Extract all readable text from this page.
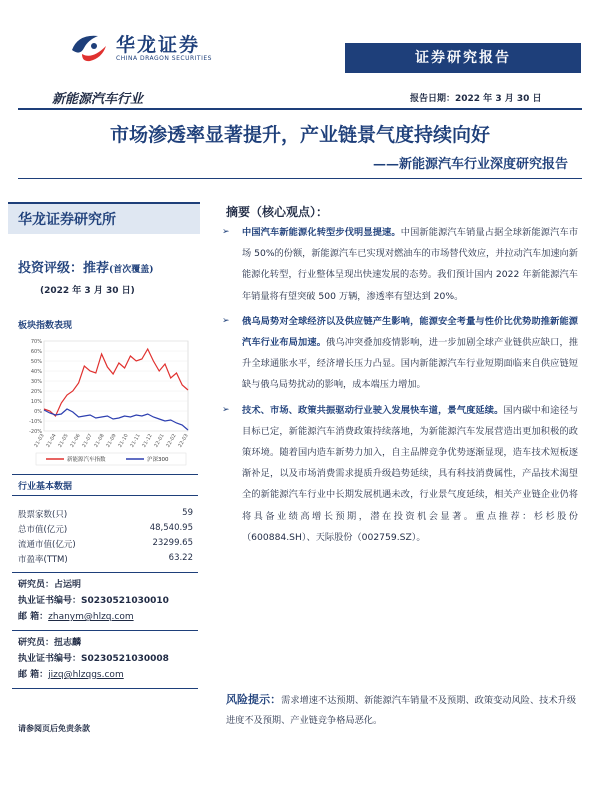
华龙证券
CHINA DRAGON SECURITIES	证券研究报告
新能源汽车行业	报告日期：2022 年 3 月 30 日
市场渗透率显著提升，产业链景气度持续向好
——新能源汽车行业深度研究报告
华龙证券研究所
投资评级：推荐(首次覆盖)
(2022 年 3 月 30 日)
板块指数表现
70%
60%
50%
40%
30%
20%
10%
0%
-10%
-20%
21-03 21-04 21-05 21-06 21-07 21-08 21-09 21-10 21-11 21-12 22-01 22-02 22-03
新能源汽车指数	沪深300
行业基本数据
股票家数(只)	59
总市值(亿元)	48,540.95
流通市值(亿元)	23299.65
市盈率(TTM)	63.22
研究员：占运明
执业证书编号：S0230521030010
邮 箱：zhanym@hlzq.com
研究员：扭志麟
执业证书编号：S0230521030008
邮 箱：jizq@hlzqgs.com
请参阅页后免责条款
摘要（核心观点）：
➢ 中国汽车新能源化转型步伐明显提速。中国新能源汽车销量占据全球新能源汽车市场 50%的份额，新能源汽车已实现对燃油车的市场替代效应，并拉动汽车加速向新能源化转型，行业整体呈现出快速发展的态势。我们预计国内 2022 年新能源汽车年销量将有望突破 500 万辆，渗透率有望达到 20%。
➢ 俄乌局势对全球经济以及供应链产生影响，能源安全考量与性价比优势助推新能源汽车行业布局加速。俄乌冲突叠加疫情影响，进一步加剧全球产业链供应缺口，推升全球通胀水平，经济增长压力凸显。国内新能源汽车行业短期面临来自供应链短缺与俄乌局势扰动的影响，成本端压力增加。
➢ 技术、市场、政策共振驱动行业驶入发展快车道，景气度延续。国内碳中和途径与目标已定，新能源汽车消费政策持续落地，为新能源汽车发展营造出更加积极的政策环境。随着国内造车新势力加入，自主品牌竞争优势逐渐显现，造车技术短板逐渐补足，以及市场消费需求提质升级趋势延续，具有科技消费属性，产品技术渴望全的新能源汽车行业中长期发展机遇未改，行业景气度延续，相关产业链企业仍将将具备业绩高增长预期，潜在投资机会显著。重点推荐：杉杉股份（600884.SH）、天际股份（002759.SZ）。
风险提示：需求增速不达预期、新能源汽车销量不及预期、政策变动风险、技术升级进度不及预期、产业链竞争格局恶化。
